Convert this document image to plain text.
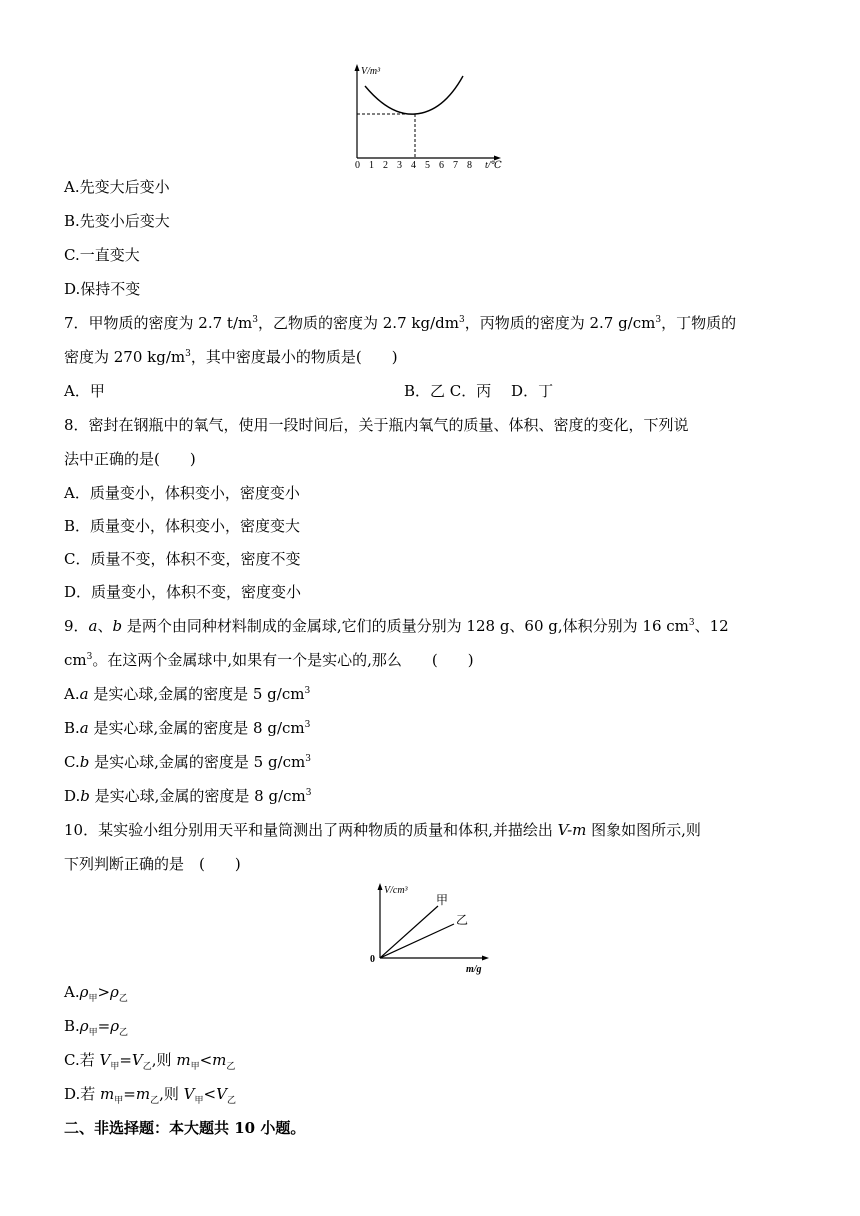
V/m³
0 1 2 3 4 5 6 7 8 t/℃
A.先变大后变小
B.先变小后变大
C.一直变大
D.保持不变
7．甲物质的密度为 2.7 $t/m^3$，乙物质的密度为 2.7 $kg/dm^3$，丙物质的密度为 2.7 $g/cm^3$，丁物质的
密度为 270 $kg/m^3$，其中密度最小的物质是(　　)
A．甲	B．乙 C．丙　 D．丁
8．密封在钢瓶中的氧气，使用一段时间后，关于瓶内氧气的质量、体积、密度的变化，下列说
法中正确的是(　　)
A．质量变小，体积变小，密度变小
B．质量变小，体积变小，密度变大
C．质量不变，体积不变，密度不变
D．质量变小，体积不变，密度变小
9．a、b 是两个由同种材料制成的金属球,它们的质量分别为 128 g、60 g,体积分别为 16 $cm^3$、12
$cm^3$。在这两个金属球中,如果有一个是实心的,那么　　(　　)
A.a 是实心球,金属的密度是 5 $g/cm^3$
B.a 是实心球,金属的密度是 8 $g/cm^3$
C.b 是实心球,金属的密度是 5 $g/cm^3$
D.b 是实心球,金属的密度是 8 $g/cm^3$
10．某实验小组分别用天平和量筒测出了两种物质的质量和体积,并描绘出 V-m 图象如图所示,则
下列判断正确的是　(　　)
V/cm³
甲
乙
0
m/g
$A.\rho_甲>\rho_乙$
$B.\rho_甲=\rho_乙$
C.若 $V_甲=V_乙$,则 $m_甲<m_乙$
D.若 $m_甲=m_乙$,则 $V_甲<V_乙$
二、非选择题：本大题共 10 小题。
